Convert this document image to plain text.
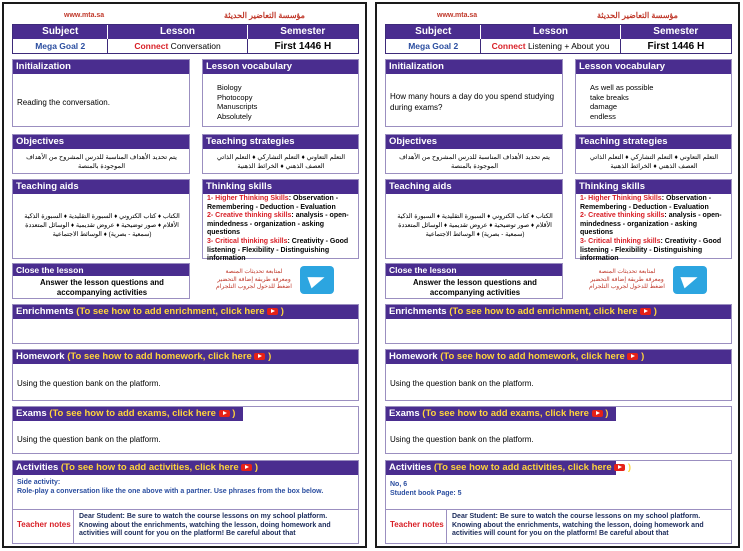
www.mta.sa	مؤسسة التعاضير الحديثة
Subject	Lesson	Semester
Mega Goal 2	Connect Conversation	First 1446 H
Initialization
Reading the conversation.
Lesson vocabulary
Biology
Photocopy
Manuscripts
Absolutely
Objectives
يتم تحديد الأهداف المناسبة للدرس المشروح من الأهداف الموجودة بالمنصة
Teaching strategies
التعلم التعاوني ♦ التعلم التشاركي ♦ التعلم الذاتي
العصف الذهني ♦ الخرائط الذهنية
Teaching aids
الكتاب ♦ كتاب الكتروني ♦ السبورة التقليدية ♦ السبورة الذكية
الأقلام ♦ صور توضيحية ♦ عروض تقديمية ♦ الوسائل المتعددة
(سمعية - بصرية) ♦ الوسائط الاجتماعية
Thinking skills
1- Higher Thinking Skills: Observation - Remembering - Deduction - Evaluation
2- Creative thinking skills: analysis - open-mindedness - organization - asking questions
3- Critical thinking skills: Creativity - Good listening - Flexibility - Distinguishing information
Close the lesson
Answer the lesson questions and accompanying activities
لمتابعة تحديثات المنصة
ومعرفة طريقة إضافة التحضير
اضغط للدخول لجروب التلجرام
Enrichments (To see how to add enrichment, click here )
Homework (To see how to add homework, click here )
Using the question bank on the platform.
Exams (To see how to add exams, click here )
Using the question bank on the platform.
Activities (To see how to add activities, click here )
Side activity:
Role-play a conversation like the one above with a partner. Use phrases from the box below.
Teacher notes
Dear Student: Be sure to watch the course lessons on my school platform. Knowing about the enrichments, watching the lesson, doing homework and activities will count for you on the platform! Be careful about that
www.mta.sa	مؤسسة التعاضير الحديثة
Subject	Lesson	Semester
Mega Goal 2	Connect Listening + About you	First 1446 H
Initialization
How many hours a day do you spend studying during exams?
Lesson vocabulary
As well as possible
take breaks
damage
endless
Objectives
يتم تحديد الأهداف المناسبة للدرس المشروح من الأهداف الموجودة بالمنصة
Teaching strategies
التعلم التعاوني ♦ التعلم التشاركي ♦ التعلم الذاتي
العصف الذهني ♦ الخرائط الذهنية
Teaching aids
الكتاب ♦ كتاب الكتروني ♦ السبورة التقليدية ♦ السبورة الذكية
الأقلام ♦ صور توضيحية ♦ عروض تقديمية ♦ الوسائل المتعددة
(سمعية - بصرية) ♦ الوسائط الاجتماعية
Thinking skills
1- Higher Thinking Skills: Observation - Remembering - Deduction - Evaluation
2- Creative thinking skills: analysis - open-mindedness - organization - asking questions
3- Critical thinking skills: Creativity - Good listening - Flexibility - Distinguishing information
Close the lesson
Answer the lesson questions and accompanying activities
لمتابعة تحديثات المنصة
ومعرفة طريقة إضافة التحضير
اضغط للدخول لجروب التلجرام
Enrichments (To see how to add enrichment, click here )
Homework (To see how to add homework, click here )
Using the question bank on the platform.
Exams (To see how to add exams, click here )
Using the question bank on the platform.
Activities (To see how to add activities, click here )
No, 6
Student book Page: 5
Teacher notes
Dear Student: Be sure to watch the course lessons on my school platform. Knowing about the enrichments, watching the lesson, doing homework and activities will count for you on the platform! Be careful about that
